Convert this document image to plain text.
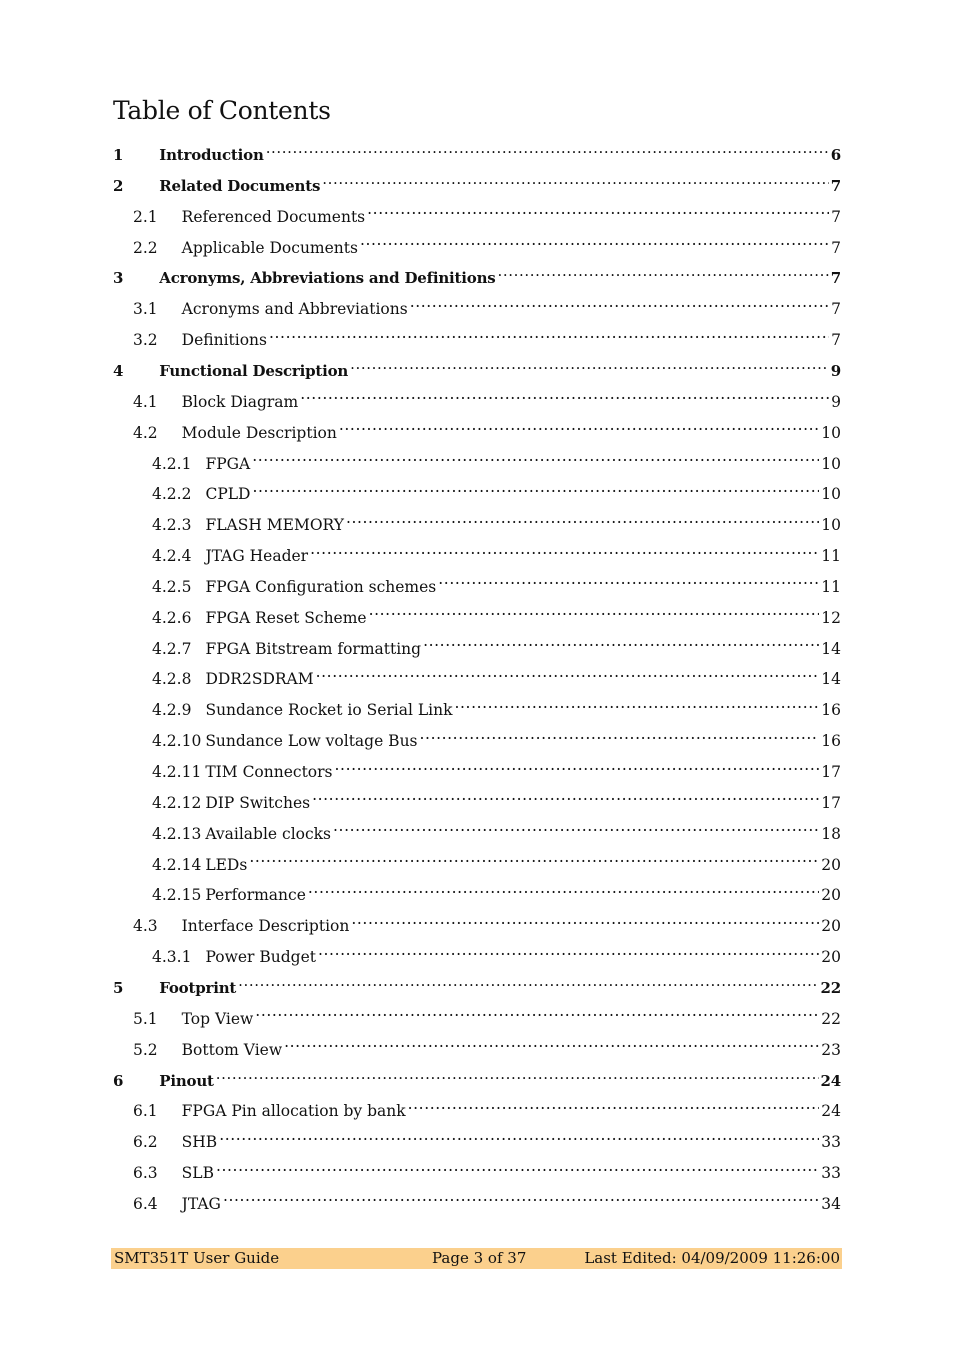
Table of Contents
1 Introduction .....	6
2 Related Documents .....	7
2.1 Referenced Documents .....	7
2.2 Applicable Documents .....	7
3 Acronyms, Abbreviations and Definitions .....	7
3.1 Acronyms and Abbreviations .....	7
3.2 Definitions .....	7
4 Functional Description .....	9
4.1 Block Diagram .....	9
4.2 Module Description .....	10
4.2.1 FPGA .....	10
4.2.2 CPLD .....	10
4.2.3 FLASH MEMORY .....	10
4.2.4 JTAG Header .....	11
4.2.5 FPGA Configuration schemes .....	11
4.2.6 FPGA Reset Scheme .....	12
4.2.7 FPGA Bitstream formatting .....	14
4.2.8 DDR2SDRAM .....	14
4.2.9 Sundance Rocket io Serial Link .....	16
4.2.10 Sundance Low voltage Bus .....	16
4.2.11 TIM Connectors .....	17
4.2.12 DIP Switches .....	17
4.2.13 Available clocks .....	18
4.2.14 LEDs .....	20
4.2.15 Performance .....	20
4.3 Interface Description .....	20
4.3.1 Power Budget .....	20
5 Footprint .....	22
5.1 Top View .....	22
5.2 Bottom View .....	23
6 Pinout .....	24
6.1 FPGA Pin allocation by bank .....	24
6.2 SHB .....	33
6.3 SLB .....	33
6.4 JTAG .....	34
SMT351T User Guide	Page 3 of 37	Last Edited: 04/09/2009 11:26:00
